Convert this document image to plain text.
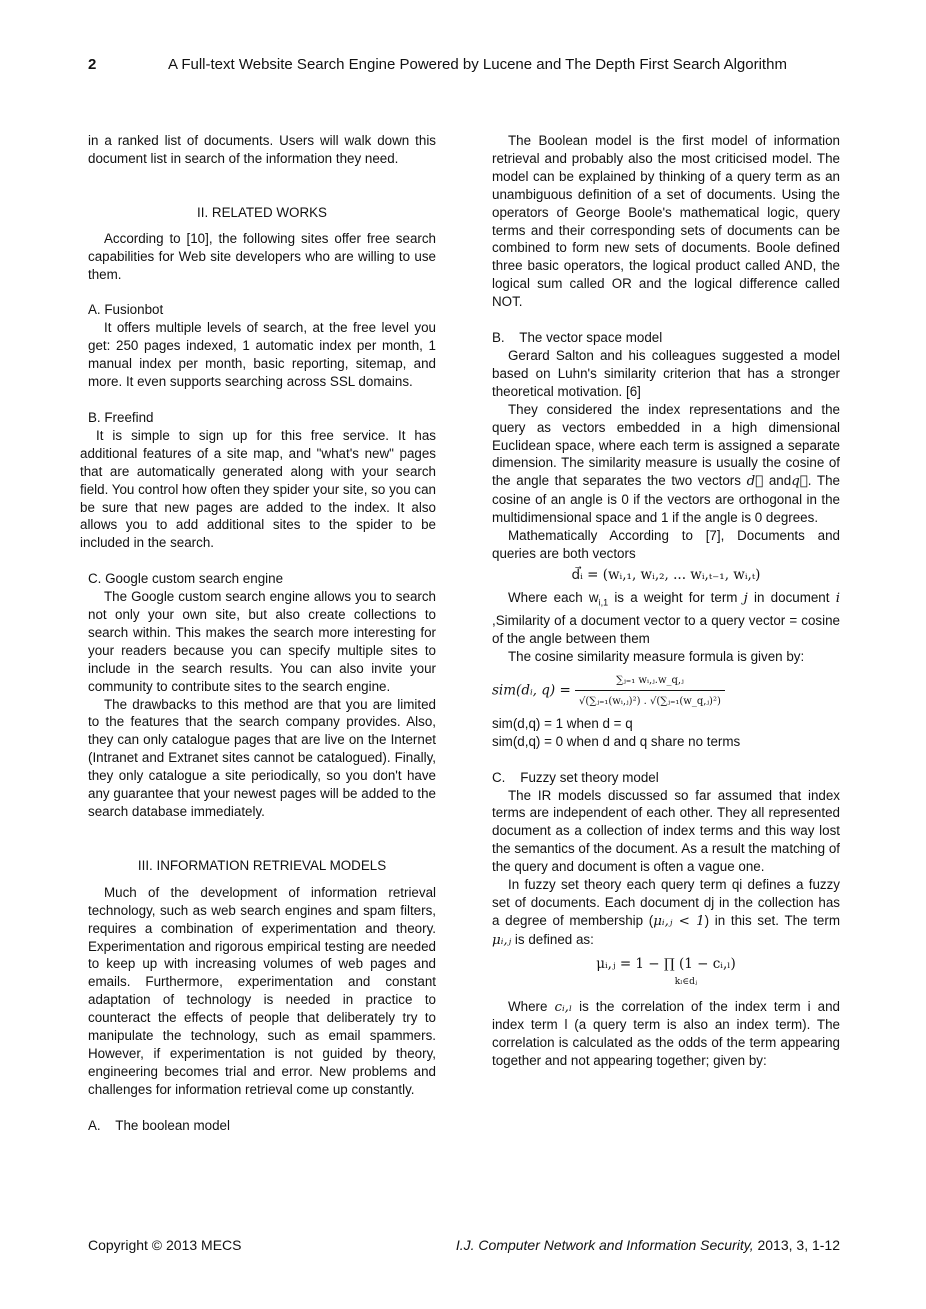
2	A Full-text Website Search Engine Powered by Lucene and The Depth First Search Algorithm

in a ranked list of documents. Users will walk down this document list in search of the information they need.

II. RELATED WORKS

According to [10], the following sites offer free search capabilities for Web site developers who are willing to use them.

A. Fusionbot

It offers multiple levels of search, at the free level you get: 250 pages indexed, 1 automatic index per month, 1 manual index per month, basic reporting, sitemap, and more. It even supports searching across SSL domains.

B. Freefind

It is simple to sign up for this free service. It has additional features of a site map, and "what's new" pages that are automatically generated along with your search field. You control how often they spider your site, so you can be sure that new pages are added to the index. It also allows you to add additional sites to the spider to be included in the search.

C. Google custom search engine

The Google custom search engine allows you to search not only your own site, but also create collections to search within. This makes the search more interesting for your readers because you can specify multiple sites to include in the search results. You can also invite your community to contribute sites to the search engine.

The drawbacks to this method are that you are limited to the features that the search company provides. Also, they can only catalogue pages that are live on the Internet (Intranet and Extranet sites cannot be catalogued). Finally, they only catalogue a site periodically, so you don't have any guarantee that your newest pages will be added to the search database immediately.

III. INFORMATION RETRIEVAL MODELS

Much of the development of information retrieval technology, such as web search engines and spam filters, requires a combination of experimentation and theory. Experimentation and rigorous empirical testing are needed to keep up with increasing volumes of web pages and emails. Furthermore, experimentation and constant adaptation of technology is needed in practice to counteract the effects of people that deliberately try to manipulate the technology, such as email spammers. However, if experimentation is not guided by theory, engineering becomes trial and error. New problems and challenges for information retrieval come up constantly.

A.    The boolean model

The Boolean model is the first model of information retrieval and probably also the most criticised model. The model can be explained by thinking of a query term as an unambiguous definition of a set of documents. Using the operators of George Boole's mathematical logic, query terms and their corresponding sets of documents can be combined to form new sets of documents. Boole defined three basic operators, the logical product called AND, the logical sum called OR and the logical difference called NOT.

B.    The vector space model

Gerard Salton and his colleagues suggested a model based on Luhn's similarity criterion that has a stronger theoretical motivation. [6]

They considered the index representations and the query as vectors embedded in a high dimensional Euclidean space, where each term is assigned a separate dimension. The similarity measure is usually the cosine of the angle that separates the two vectors d⃗ andq⃗. The cosine of an angle is 0 if the vectors are orthogonal in the multidimensional space and 1 if the angle is 0 degrees.

Mathematically According to [7], Documents and queries are both vectors

d⃗ᵢ = (wᵢ,₁, wᵢ,₂, ... wᵢ,ₜ₋₁, wᵢ,ₜ)

Where each $w_{i,1}$ is a weight for term j in document i ,Similarity of a document vector to a query vector = cosine of the angle between them

The cosine similarity measure formula is given by:

sim(dᵢ, $q) = \frac{\text{∑ⱼ₌₁ wᵢ,ⱼ.w\_q,ⱼ}}{\text{√(∑ⱼ₌₁(wᵢ,ⱼ)²) . √(∑ⱼ₌₁(w\_q,ⱼ)²)}}$

sim(d,q) = 1 when d = q

sim(d,q) = 0 when d and q share no terms

C.    Fuzzy set theory model

The IR models discussed so far assumed that index terms are independent of each other. They all represented document as a collection of index terms and this way lost the semantics of the document. As a result the matching of the query and document is often a vague one.

In fuzzy set theory each query term qi defines a fuzzy set of documents. Each document dj in the collection has a degree of membership (μᵢ,ⱼ < 1) in this set. The term μᵢ,ⱼ is defined as:

μᵢ,ⱼ = 1 − ∏ (1 − cᵢ,ₗ)
kₗ∈dⱼ

Where cᵢ,ₗ is the correlation of the index term i and index term l (a query term is also an index term). The correlation is calculated as the odds of the term appearing together and not appearing together; given by:

Copyright © 2013 MECS	I.J. Computer Network and Information Security, 2013, 3, 1-12
